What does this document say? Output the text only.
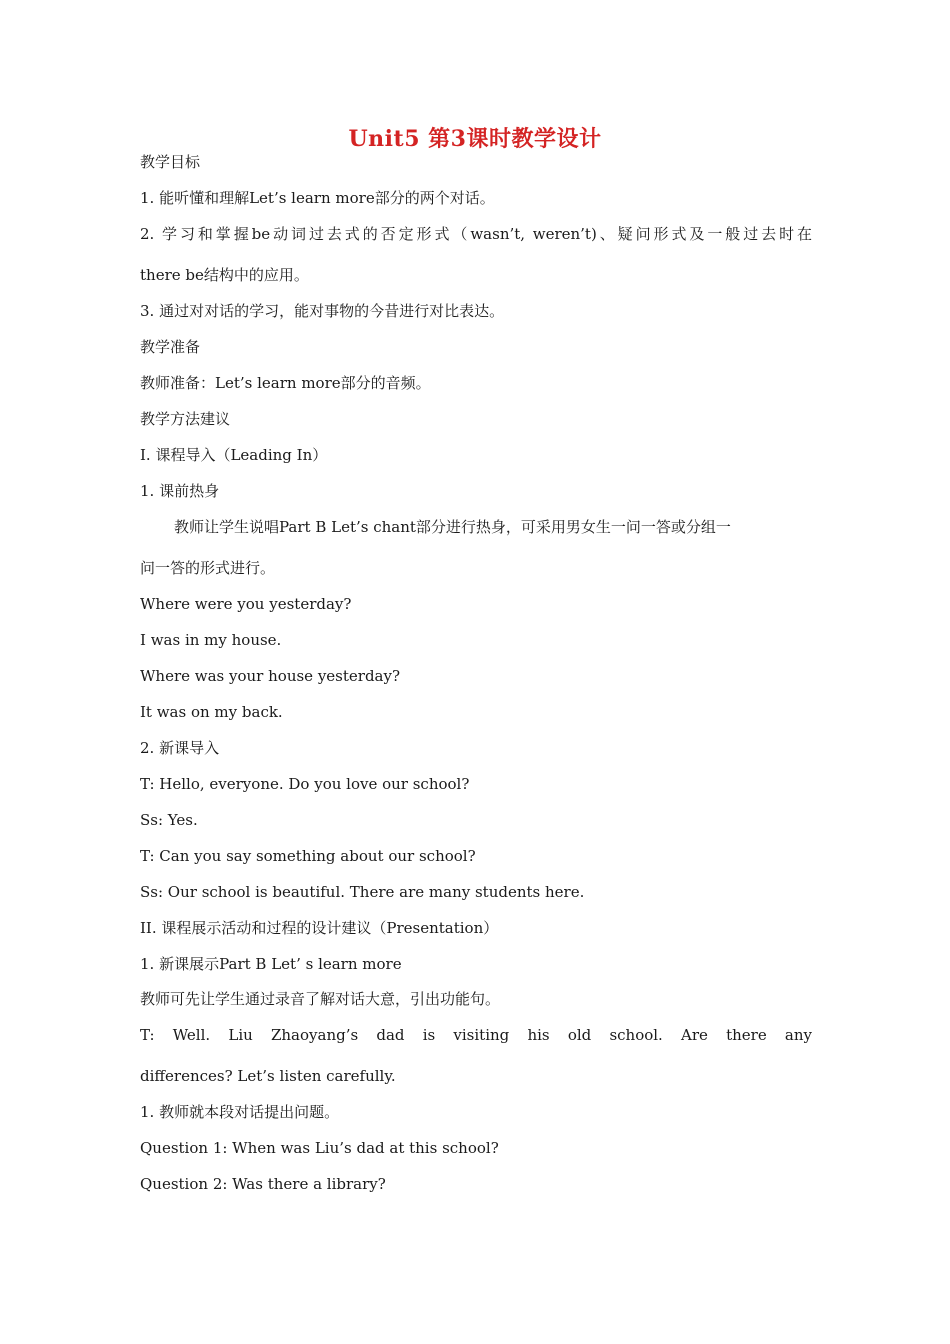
Unit5 第3课时教学设计
教学目标
1. 能听懂和理解Let’s learn more部分的两个对话。
2. 学习和掌握be动词过去式的否定形式（wasn’t, weren’t)、疑问形式及一般过去时在
there be结构中的应用。
3. 通过对对话的学习，能对事物的今昔进行对比表达。
教学准备
教师准备：Let’s learn more部分的音频。
教学方法建议
I. 课程导入（Leading In）
1. 课前热身
教师让学生说唱Part B Let’s chant部分进行热身，可采用男女生一问一答或分组一
问一答的形式进行。
Where were you yesterday?
I was in my house.
Where was your house yesterday?
It was on my back.
2. 新课导入
T: Hello, everyone. Do you love our school?
Ss: Yes.
T: Can you say something about our school?
Ss: Our school is beautiful. There are many students here.
II. 课程展示活动和过程的设计建议（Presentation）
1. 新课展示Part B Let’ s learn more
教师可先让学生通过录音了解对话大意，引出功能句。
T: Well. Liu Zhaoyang’s dad is visiting his old school. Are there any
differences? Let’s listen carefully.
1. 教师就本段对话提出问题。
Question 1: When was Liu’s dad at this school?
Question 2: Was there a library?
